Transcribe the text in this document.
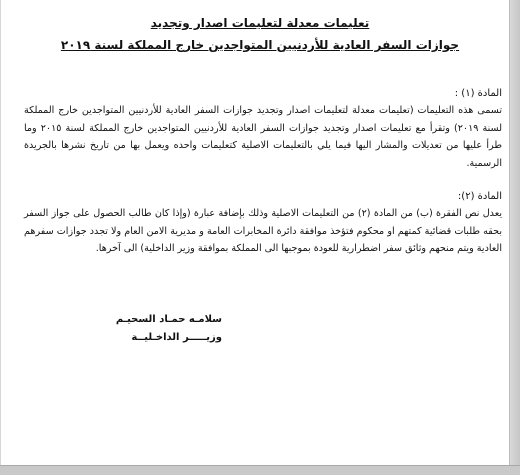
تعليمات معدلة لتعليمات اصدار وتجديد
جوازات السفر العادية للأردنيين المتواجدين خارج المملكة لسنة ٢٠١٩
المادة (١) :

تسمى هذه التعليمات (تعليمات معدلة لتعليمات اصدار وتجديد جوازات السفر العادية للأردنيين المتواجدين خارج المملكة لسنة ٢٠١٩) وتقرأ مع تعليمات اصدار وتجديد جوازات السفر العادية للأردنيين المتواجدين خارج المملكة لسنة ٢٠١٥ وما طرأ عليها من تعديلات والمشار اليها فيما يلي بالتعليمات الاصلية كتعليمات واحده ويعمل بها من تاريخ نشرها بالجريدة الرسمية.

المادة (٢):

يعدل نص الفقرة (ب) من المادة (٢) من التعليمات الاصلية وذلك بإضافة عبارة (وإذا كان طالب الحصول على جواز السفر بحقه طلبات قضائية كمتهم او محكوم فتؤخذ موافقة دائرة المخابرات العامة و مديرية الامن العام ولا تجدد جوازات سفرهم العادية ويتم منحهم وثائق سفر اضطرارية للعودة بموجبها الى المملكة بموافقة وزير الداخلية) الى آخرها.

سلامـه حمـاد السحيـم
وزيـــــر الداخـليــة
